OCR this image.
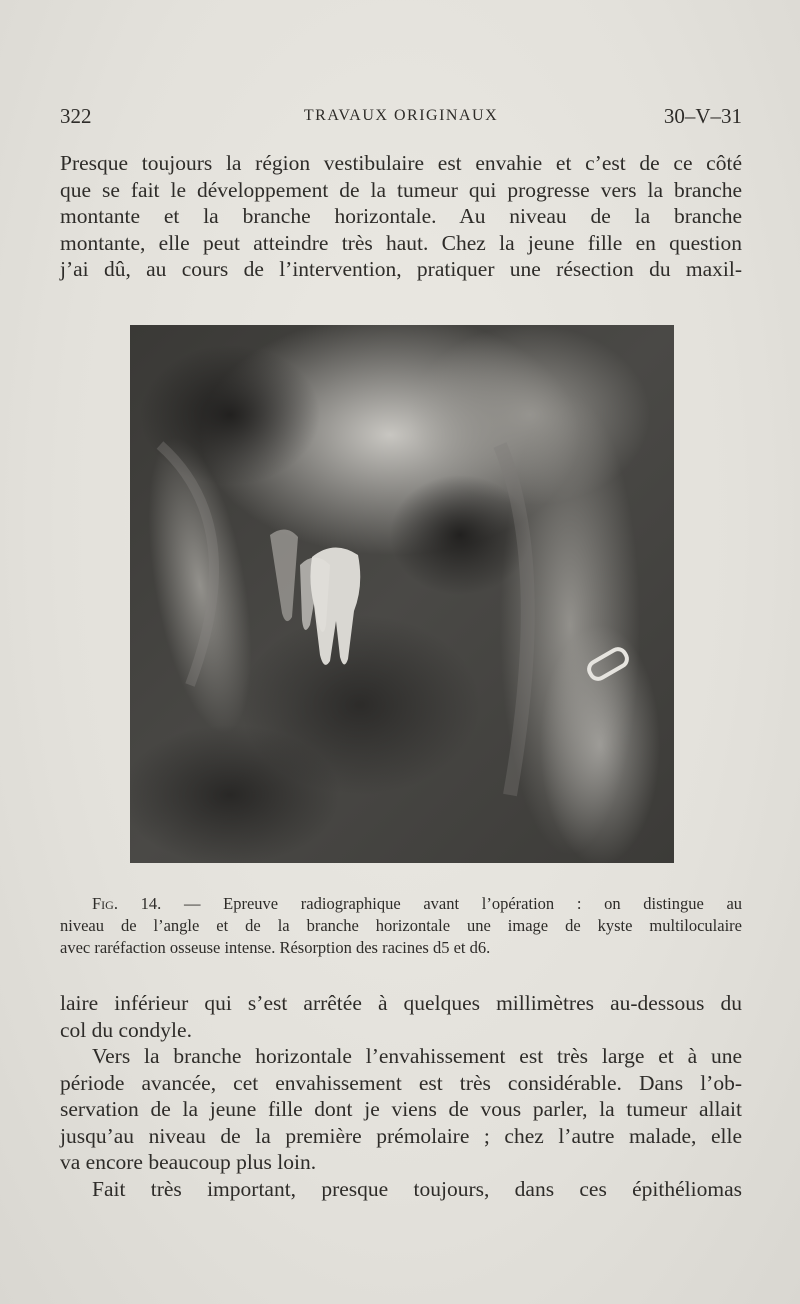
322	TRAVAUX ORIGINAUX	30–V–31

Presque toujours la région vestibulaire est envahie et c’est de ce côté
que se fait le développement de la tumeur qui progresse vers la branche
montante et la branche horizontale. Au niveau de la branche
montante, elle peut atteindre très haut. Chez la jeune fille en question
j’ai dû, au cours de l’intervention, pratiquer une résection du maxil-

Fig. 14. — Epreuve radiographique avant l’opération : on distingue au
niveau de l’angle et de la branche horizontale une image de kyste multiloculaire
avec raréfaction osseuse intense. Résorption des racines d5 et d6.

laire inférieur qui s’est arrêtée à quelques millimètres au-dessous du
col du condyle.
Vers la branche horizontale l’envahissement est très large et à une
période avancée, cet envahissement est très considérable. Dans l’ob-
servation de la jeune fille dont je viens de vous parler, la tumeur allait
jusqu’au niveau de la première prémolaire ; chez l’autre malade, elle
va encore beaucoup plus loin.
Fait très important, presque toujours, dans ces épithéliomas
